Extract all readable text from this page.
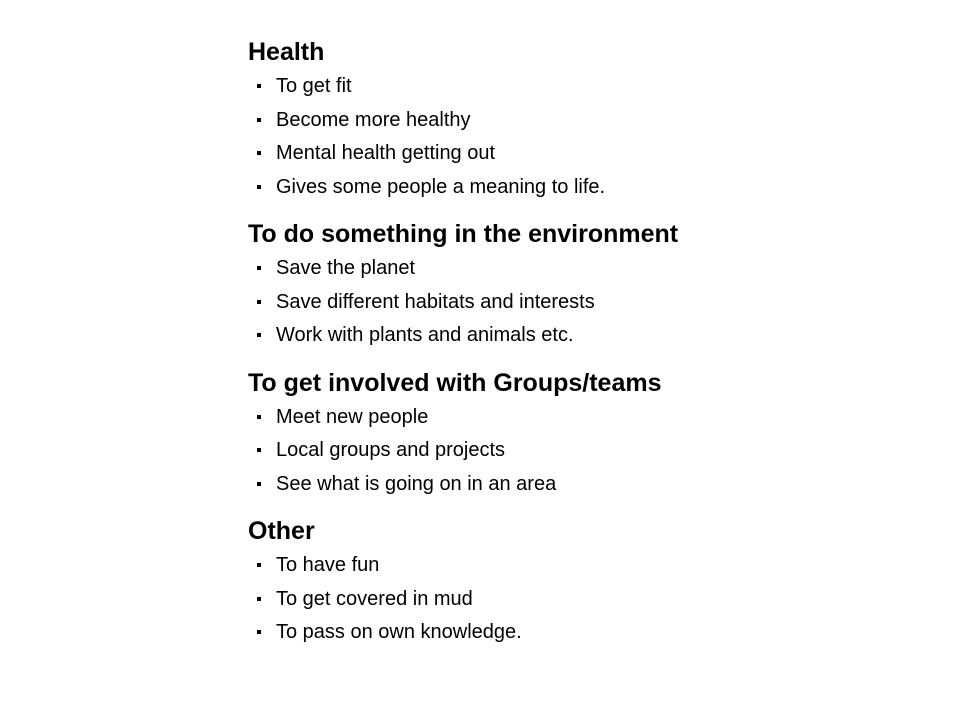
Health
To get fit
Become more healthy
Mental health getting out
Gives some people a meaning to life.
To do something in the environment
Save the planet
Save different habitats and interests
Work with plants and animals etc.
To get involved with Groups/teams
Meet new people
Local groups and projects
See what is going on in an area
Other
To have fun
To get covered in mud
To pass on own knowledge.
